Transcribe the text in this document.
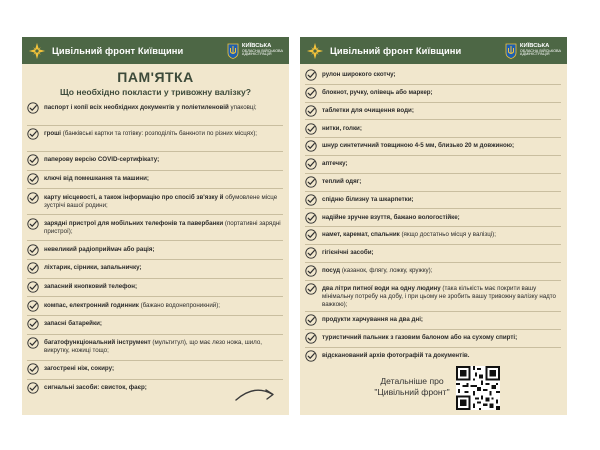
Цивільний фронт Київщини	КИЇВСЬКА
ОБЛАСНА ВІЙСЬКОВА
АДМІНІСТРАЦІЯ
ПАМ'ЯТКА
Що необхідно покласти у тривожну валізку?
паспорт і копії всіх необхідних документів у поліетиленовій упаковці;
гроші (банківські картки та готівку: розподіліть банкноти по різних місцях);
паперову версію COVID-сертифікату;
ключі від помешкання та машини;
карту місцевості, а також інформацію про спосіб зв'язку й обумовлене місце зустрічі вашої родини;
зарядні пристрої для мобільних телефонів та павербанки (портативні зарядні пристрої);
невеликий радіоприймач або рація;
ліхтарик, сірники, запальничку;
запасний кнопковий телефон;
компас, електронний годинник (бажано водонепроникний);
запасні батарейки;
багатофункціональний інструмент (мультитул), що має лезо ножа, шило, викрутку, ножиці тощо;
загострені ніж, сокиру;
сигнальні засоби: свисток, фаєр;
Цивільний фронт Київщини	КИЇВСЬКА
ОБЛАСНА ВІЙСЬКОВА
АДМІНІСТРАЦІЯ
рулон широкого скотчу;
блокнот, ручку, олівець або маркер;
таблетки для очищення води;
нитки, голки;
шнур синтетичний товщиною 4-5 мм, близько 20 м довжиною;
аптечку;
теплий одяг;
спідню білизну та шкарпетки;
надійне зручне взуття, бажано вологостійке;
намет, каремат, спальник (якщо достатньо місця у валізці);
гігієнічні засоби;
посуд (казанок, флягу, ложку, кружку);
два літри питної води на одну людину (така кількість має покрити вашу мінімальну потребу на добу, і при цьому не зробить вашу тривожну валізку надто важкою);
продукти харчування на два дні;
туристичний пальник з газовим балоном або на сухому спирті;
відсканований архів фотографій та документів.
Детальніше про
"Цивільний фронт"
